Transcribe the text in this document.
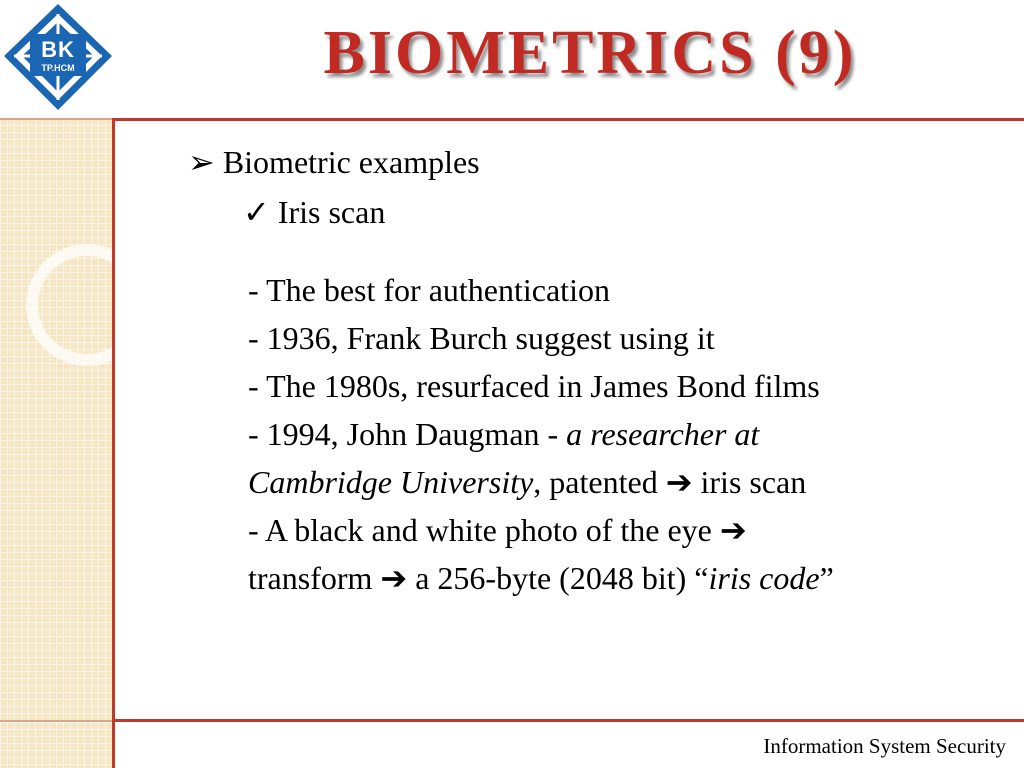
BK
TP.HCM	BIOMETRICS (9)
➢ Biometric examples
✓ Iris scan
- The best for authentication
- 1936, Frank Burch suggest using it
- The 1980s, resurfaced in James Bond films
- 1994, John Daugman - a researcher at
Cambridge University, patented ➔ iris scan
- A black and white photo of the eye ➔
transform ➔ a 256-byte (2048 bit) “iris code”
Information System Security
